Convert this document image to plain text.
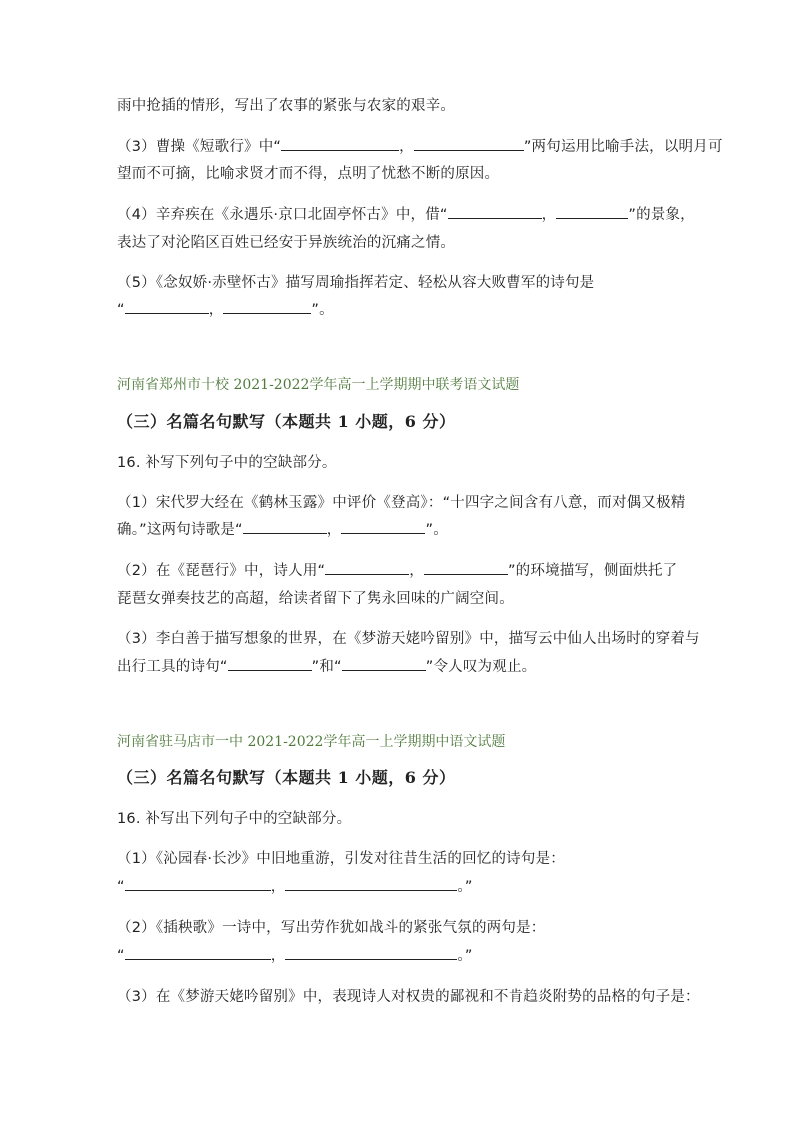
雨中抢插的情形，写出了农事的紧张与农家的艰辛。
（3）曹操《短歌行》中“	，	”两句运用比喻手法，以明月可
望而不可摘，比喻求贤才而不得，点明了忧愁不断的原因。
（4）辛弃疾在《永遇乐·京口北固亭怀古》中，借“	，	”的景象，
表达了对沦陷区百姓已经安于异族统治的沉痛之情。
（5）《念奴娇·赤壁怀古》描写周瑜指挥若定、轻松从容大败曹军的诗句是
“	，	”。
河南省郑州市十校 2021-2022学年高一上学期期中联考语文试题
（三）名篇名句默写（本题共 1 小题，6 分）
16. 补写下列句子中的空缺部分。
（1）宋代罗大经在《鹤林玉露》中评价《登高》：“十四字之间含有八意，而对偶又极精
确。”这两句诗歌是“	，	”。
（2）在《琵琶行》中，诗人用“	，	”的环境描写，侧面烘托了
琵琶女弹奏技艺的高超，给读者留下了隽永回味的广阔空间。
（3）李白善于描写想象的世界，在《梦游天姥吟留别》中，描写云中仙人出场时的穿着与
出行工具的诗句“	”和“	”令人叹为观止。
河南省驻马店市一中 2021-2022学年高一上学期期中语文试题
（三）名篇名句默写（本题共 1 小题，6 分）
16. 补写出下列句子中的空缺部分。
（1）《沁园春·长沙》中旧地重游，引发对往昔生活的回忆的诗句是：
“	，	。”
（2）《插秧歌》一诗中，写出劳作犹如战斗的紧张气氛的两句是：
“	，	。”
（3）在《梦游天姥吟留别》中，表现诗人对权贵的鄙视和不肯趋炎附势的品格的句子是：
